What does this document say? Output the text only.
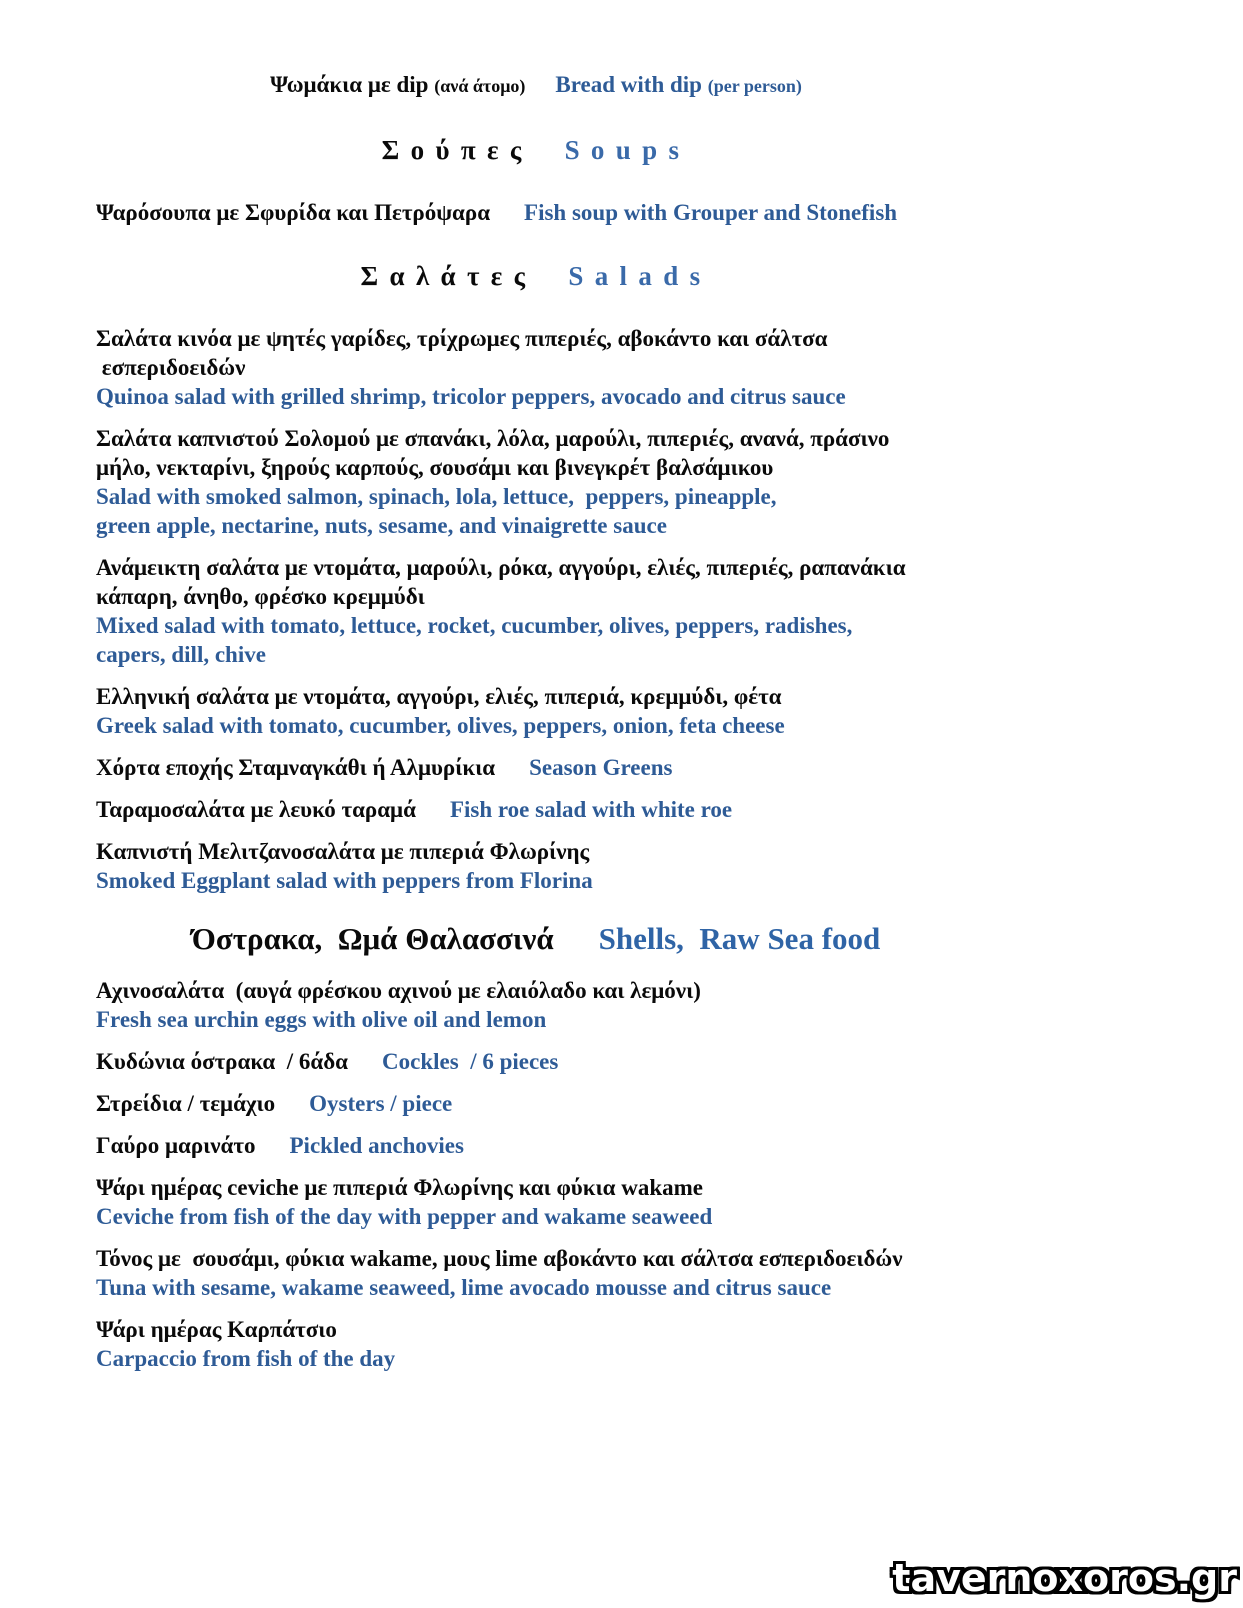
Ψωμάκια με dip (ανά άτομο) Bread with dip (per person)
Σούπες Soups
Ψαρόσουπα με Σφυρίδα και Πετρόψαρα Fish soup with Grouper and Stonefish
Σαλάτες Salads
Σαλάτα κινόα με ψητές γαρίδες, τρίχρωμες πιπεριές, αβοκάντο και σάλτσα
εσπεριδοειδών
Quinoa salad with grilled shrimp, tricolor peppers, avocado and citrus sauce
Σαλάτα καπνιστού Σολομού με σπανάκι, λόλα, μαρούλι, πιπεριές, ανανά, πράσινο
μήλο, νεκταρίνι, ξηρούς καρπούς, σουσάμι και βινεγκρέτ βαλσάμικου
Salad with smoked salmon, spinach, lola, lettuce,  peppers, pineapple,
green apple, nectarine, nuts, sesame, and vinaigrette sauce
Ανάμεικτη σαλάτα με ντομάτα, μαρούλι, ρόκα, αγγούρι, ελιές, πιπεριές, ραπανάκια
κάπαρη, άνηθο, φρέσκο κρεμμύδι
Mixed salad with tomato, lettuce, rocket, cucumber, olives, peppers, radishes,
capers, dill, chive
Ελληνική σαλάτα με ντομάτα, αγγούρι, ελιές, πιπεριά, κρεμμύδι, φέτα
Greek salad with tomato, cucumber, olives, peppers, onion, feta cheese
Χόρτα εποχής Σταμναγκάθι ή Αλμυρίκια Season Greens
Ταραμοσαλάτα με λευκό ταραμά Fish roe salad with white roe
Καπνιστή Μελιτζανοσαλάτα με πιπεριά Φλωρίνης
Smoked Eggplant salad with peppers from Florina
Όστρακα,  Ωμά Θαλασσινά Shells,  Raw Sea food
Αχινοσαλάτα  (αυγά φρέσκου αχινού με ελαιόλαδο και λεμόνι)
Fresh sea urchin eggs with olive oil and lemon
Κυδώνια όστρακα  / 6άδα Cockles  / 6 pieces
Στρείδια / τεμάχιο Oysters / piece
Γαύρο μαρινάτο Pickled anchovies
Ψάρι ημέρας ceviche με πιπεριά Φλωρίνης και φύκια wakame
Ceviche from fish of the day with pepper and wakame seaweed
Τόνος με  σουσάμι, φύκια wakame, μους lime αβοκάντο και σάλτσα εσπεριδοειδών
Tuna with sesame, wakame seaweed, lime avocado mousse and citrus sauce
Ψάρι ημέρας Καρπάτσιο
Carpaccio from fish of the day
tavernoxoros.gr
